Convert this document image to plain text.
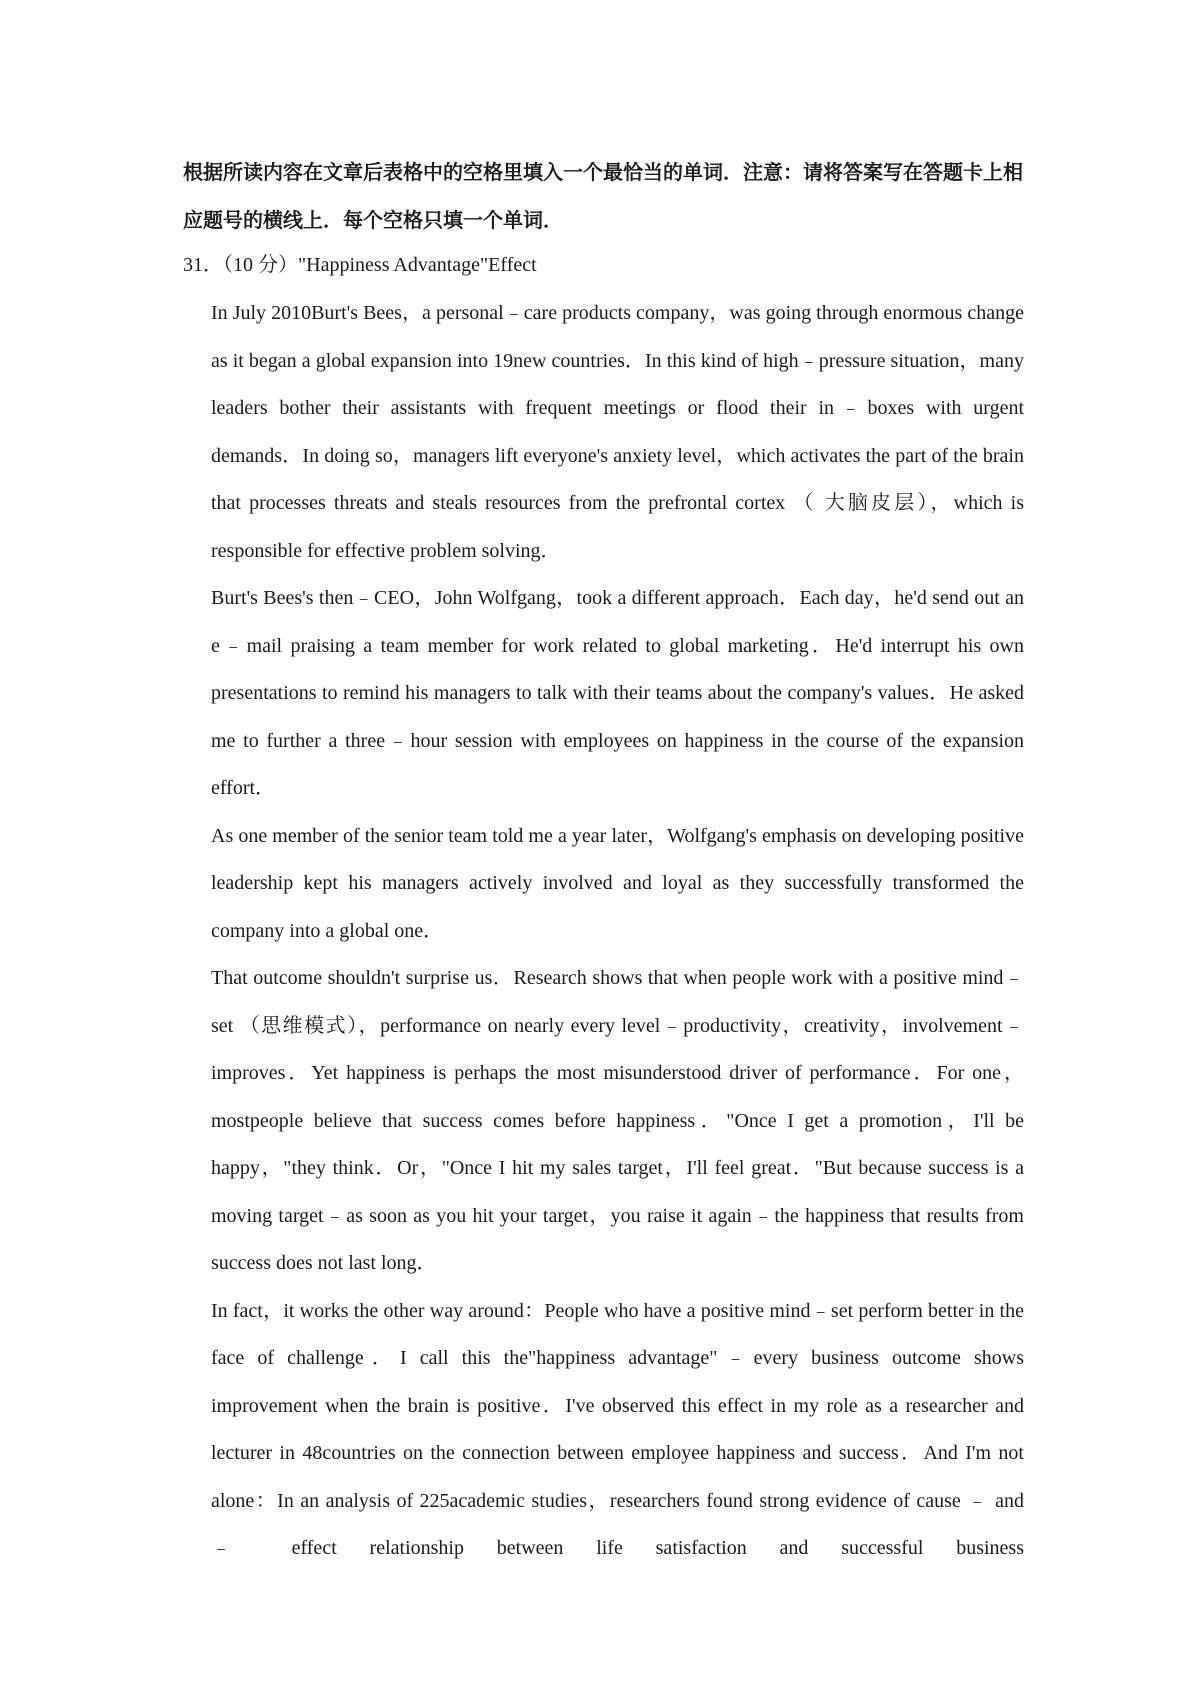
根据所读内容在文章后表格中的空格里填入一个最恰当的单词．注意：请将答案写在答题卡上相应题号的横线上．每个空格只填一个单词．
31．（10 分）"Happiness Advantage"Effect

In July 2010Burt's Bees，a personal﹣care products company，was going through enormous change as it began a global expansion into 19new countries．In this kind of high﹣pressure situation，many leaders bother their assistants with frequent meetings or flood their in﹣boxes with urgent demands．In doing so，managers lift everyone's anxiety level，which activates the part of the brain that processes threats and steals resources from the prefrontal cortex （ 大脑皮层），which is responsible for effective problem solving．

Burt's Bees's then﹣CEO，John Wolfgang，took a different approach．Each day，he'd send out an e﹣mail praising a team member for work related to global marketing．He'd interrupt his own presentations to remind his managers to talk with their teams about the company's values．He asked me to further a three﹣hour session with employees on happiness in the course of the expansion effort．

As one member of the senior team told me a year later，Wolfgang's emphasis on developing positive leadership kept his managers actively involved and loyal as they successfully transformed the company into a global one．

That outcome shouldn't surprise us．Research shows that when people work with a positive mind﹣set （思维模式），performance on nearly every level﹣productivity，creativity，involvement﹣improves．Yet happiness is perhaps the most misunderstood driver of performance．For one，mostpeople believe that success comes before happiness．"Once I get a promotion，I'll be happy，"they think．Or，"Once I hit my sales target，I'll feel great．"But because success is a moving target﹣as soon as you hit your target，you raise it again﹣the happiness that results from success does not last long．

In fact，it works the other way around：People who have a positive mind﹣set perform better in the face of challenge．I call this the"happiness advantage"﹣every business outcome shows improvement when the brain is positive．I've observed this effect in my role as a researcher and lecturer in 48countries on the connection between employee happiness and success．And I'm not alone：In an analysis of 225academic studies，researchers found strong evidence of cause ﹣ and ﹣ effect relationship between life satisfaction and successful business
